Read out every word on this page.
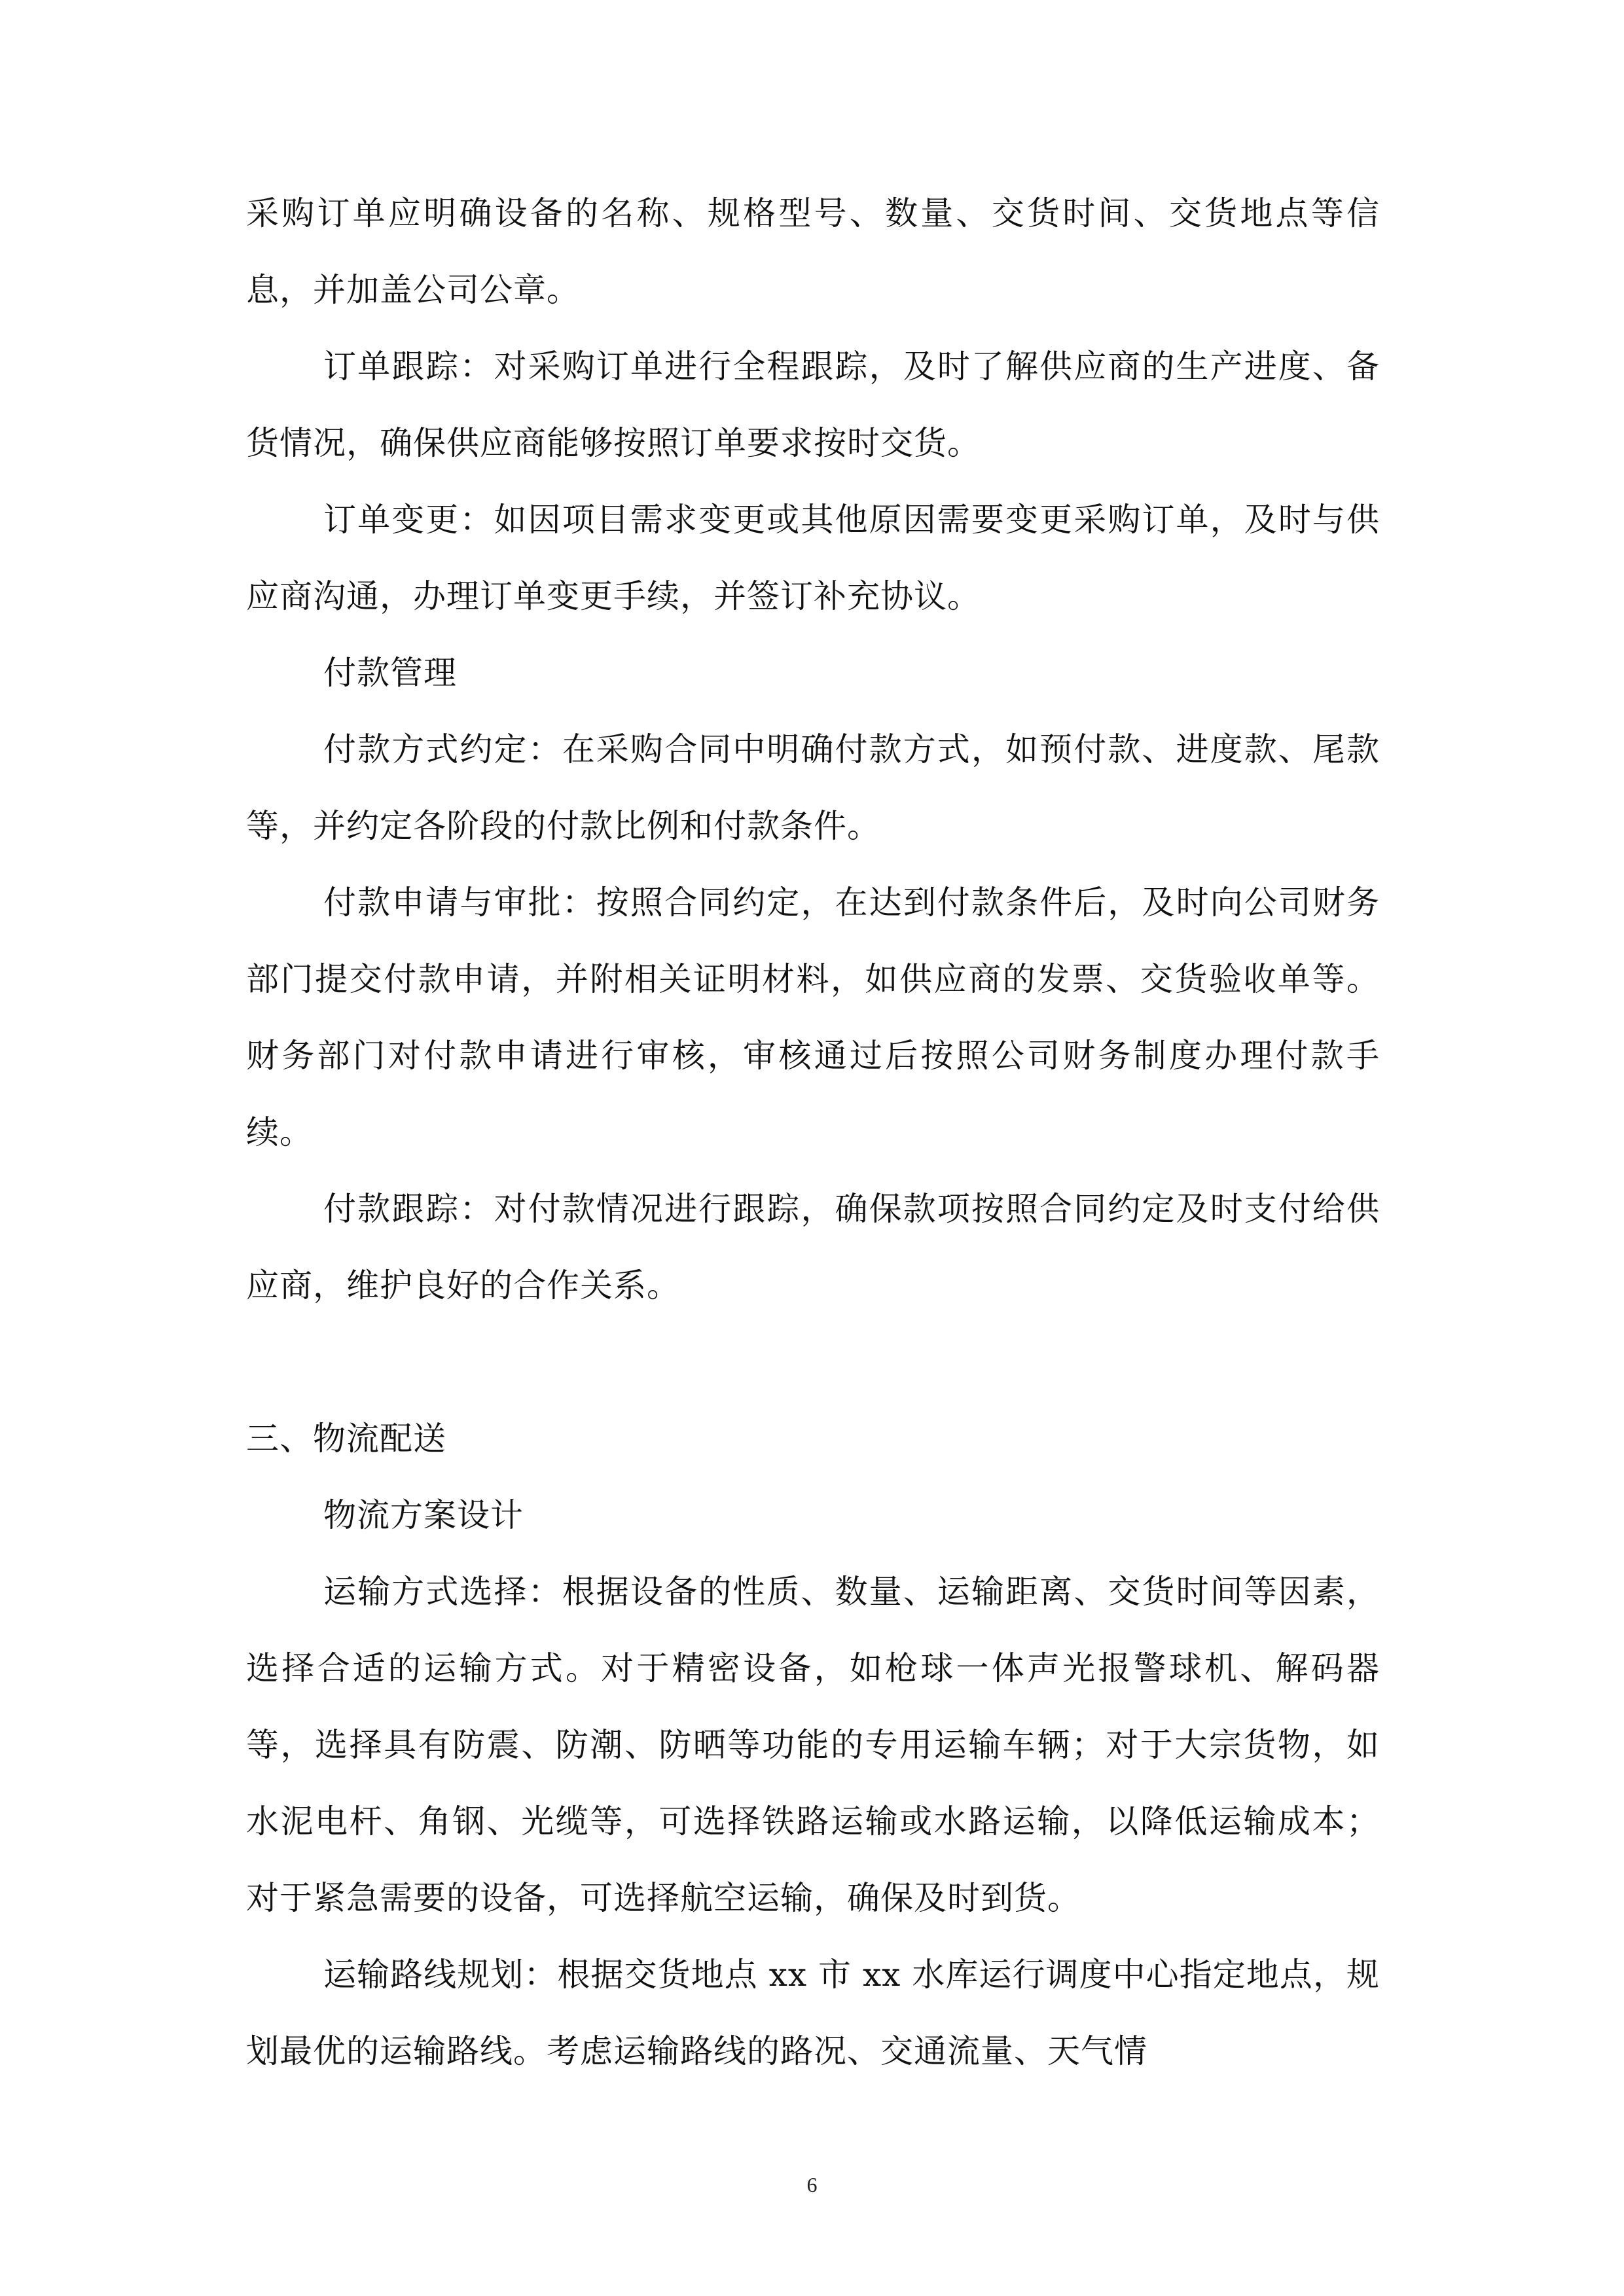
采购订单应明确设备的名称、规格型号、数量、交货时间、交货地点等信息，并加盖公司公章。

订单跟踪：对采购订单进行全程跟踪，及时了解供应商的生产进度、备货情况，确保供应商能够按照订单要求按时交货。

订单变更：如因项目需求变更或其他原因需要变更采购订单，及时与供应商沟通，办理订单变更手续，并签订补充协议。

付款管理

付款方式约定：在采购合同中明确付款方式，如预付款、进度款、尾款等，并约定各阶段的付款比例和付款条件。

付款申请与审批：按照合同约定，在达到付款条件后，及时向公司财务部门提交付款申请，并附相关证明材料，如供应商的发票、交货验收单等。财务部门对付款申请进行审核，审核通过后按照公司财务制度办理付款手续。

付款跟踪：对付款情况进行跟踪，确保款项按照合同约定及时支付给供应商，维护良好的合作关系。

三、物流配送

物流方案设计

运输方式选择：根据设备的性质、数量、运输距离、交货时间等因素，选择合适的运输方式。对于精密设备，如枪球一体声光报警球机、解码器等，选择具有防震、防潮、防晒等功能的专用运输车辆；对于大宗货物，如水泥电杆、角钢、光缆等，可选择铁路运输或水路运输，以降低运输成本；对于紧急需要的设备，可选择航空运输，确保及时到货。

运输路线规划：根据交货地点 xx 市 xx 水库运行调度中心指定地点，规划最优的运输路线。考虑运输路线的路况、交通流量、天气情

6
